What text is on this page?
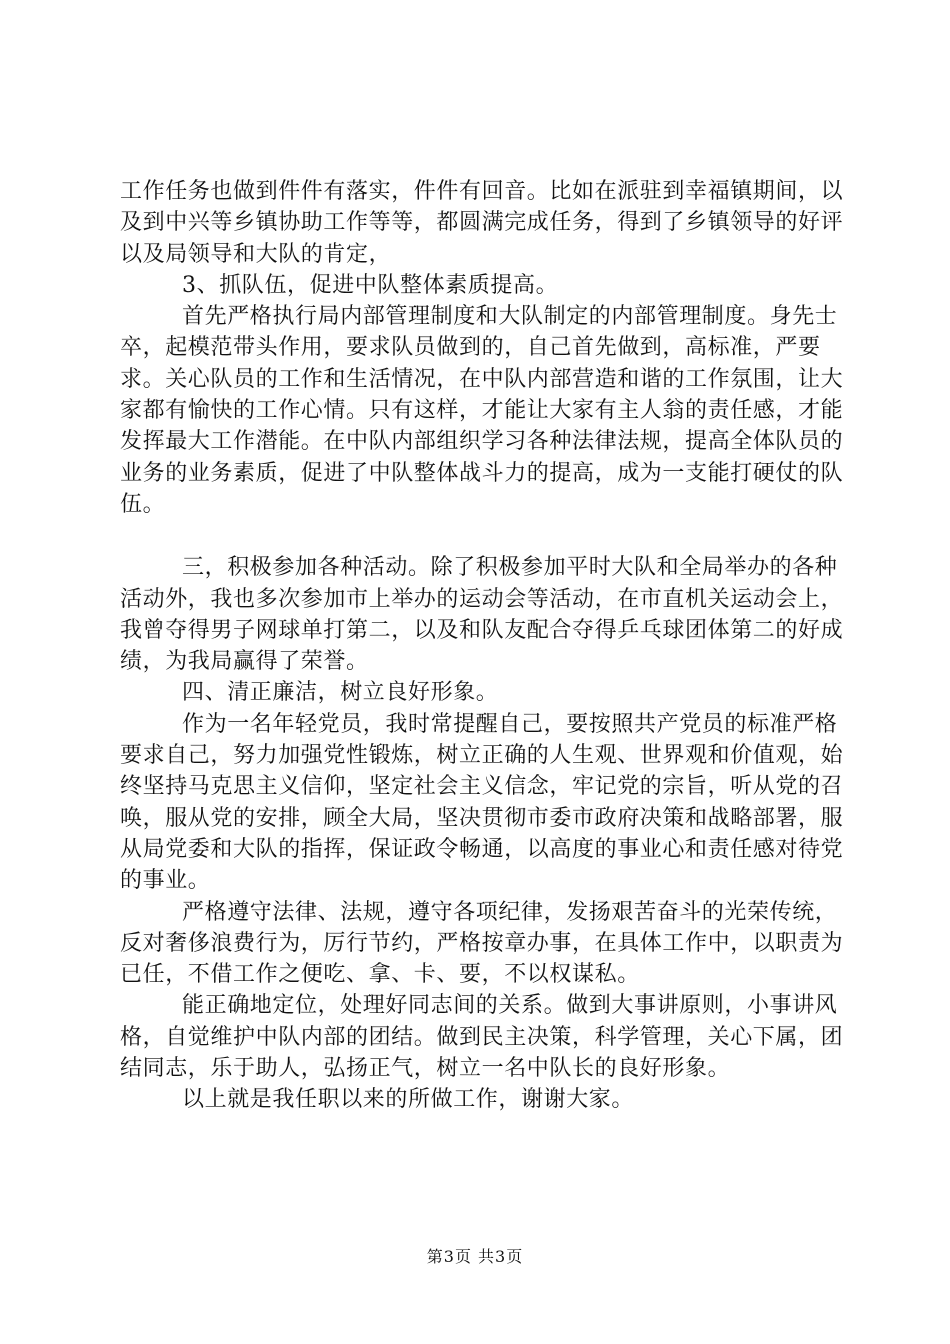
工作任务也做到件件有落实，件件有回音。比如在派驻到幸福镇期间，以及到中兴等乡镇协助工作等等，都圆满完成任务，得到了乡镇领导的好评以及局领导和大队的肯定，

3、抓队伍，促进中队整体素质提高。

首先严格执行局内部管理制度和大队制定的内部管理制度。身先士卒，起模范带头作用，要求队员做到的，自己首先做到，高标准，严要求。关心队员的工作和生活情况，在中队内部营造和谐的工作氛围，让大家都有愉快的工作心情。只有这样，才能让大家有主人翁的责任感，才能发挥最大工作潜能。在中队内部组织学习各种法律法规，提高全体队员的业务的业务素质，促进了中队整体战斗力的提高，成为一支能打硬仗的队伍。

三，积极参加各种活动。除了积极参加平时大队和全局举办的各种活动外，我也多次参加市上举办的运动会等活动，在市直机关运动会上，我曾夺得男子网球单打第二，以及和队友配合夺得乒乓球团体第二的好成绩，为我局赢得了荣誉。

四、清正廉洁，树立良好形象。

作为一名年轻党员，我时常提醒自己，要按照共产党员的标准严格要求自己，努力加强党性锻炼，树立正确的人生观、世界观和价值观，始终坚持马克思主义信仰，坚定社会主义信念，牢记党的宗旨，听从党的召唤，服从党的安排，顾全大局，坚决贯彻市委市政府决策和战略部署，服从局党委和大队的指挥，保证政令畅通，以高度的事业心和责任感对待党的事业。

严格遵守法律、法规，遵守各项纪律，发扬艰苦奋斗的光荣传统，反对奢侈浪费行为，厉行节约，严格按章办事，在具体工作中，以职责为已任，不借工作之便吃、拿、卡、要，不以权谋私。

能正确地定位，处理好同志间的关系。做到大事讲原则，小事讲风格，自觉维护中队内部的团结。做到民主决策，科学管理，关心下属，团结同志，乐于助人，弘扬正气，树立一名中队长的良好形象。

以上就是我任职以来的所做工作，谢谢大家。

第3页 共3页
